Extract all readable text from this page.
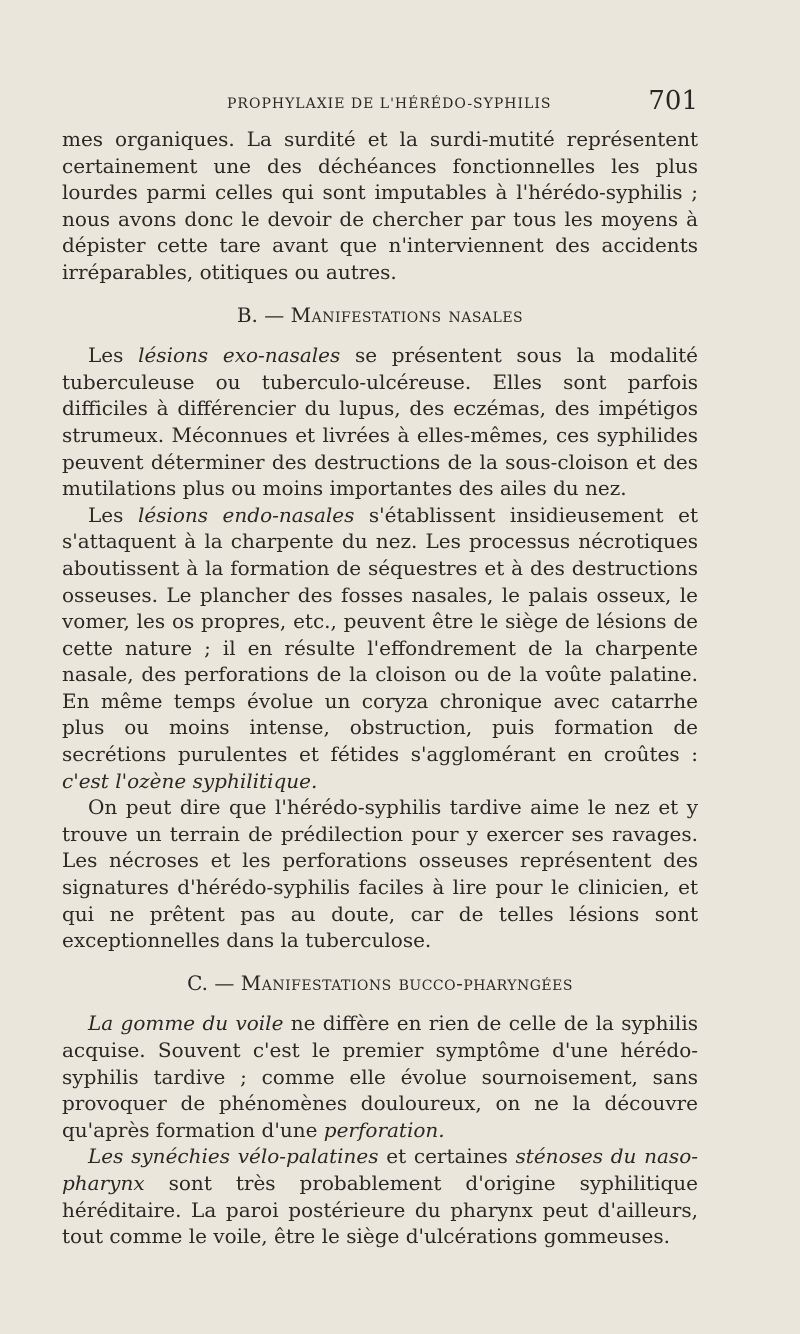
PROPHYLAXIE DE L'HÉRÉDO-SYPHILIS	701

mes organiques. La surdité et la surdi-mutité représentent certainement une des déchéances fonctionnelles les plus lourdes parmi celles qui sont imputables à l'hérédo-syphilis ; nous avons donc le devoir de chercher par tous les moyens à dépister cette tare avant que n'interviennent des accidents irréparables, otitiques ou autres.

B. — Manifestations nasales

Les lésions exo-nasales se présentent sous la modalité tuberculeuse ou tuberculo-ulcéreuse. Elles sont parfois difficiles à différencier du lupus, des eczémas, des impétigos strumeux. Méconnues et livrées à elles-mêmes, ces syphilides peuvent déterminer des destructions de la sous-cloison et des mutilations plus ou moins importantes des ailes du nez.

Les lésions endo-nasales s'établissent insidieusement et s'attaquent à la charpente du nez. Les processus nécrotiques aboutissent à la formation de séquestres et à des destructions osseuses. Le plancher des fosses nasales, le palais osseux, le vomer, les os propres, etc., peuvent être le siège de lésions de cette nature ; il en résulte l'effondrement de la charpente nasale, des perforations de la cloison ou de la voûte palatine. En même temps évolue un coryza chronique avec catarrhe plus ou moins intense, obstruction, puis formation de secrétions purulentes et fétides s'agglomérant en croûtes : c'est l'ozène syphilitique.

On peut dire que l'hérédo-syphilis tardive aime le nez et y trouve un terrain de prédilection pour y exercer ses ravages. Les nécroses et les perforations osseuses représentent des signatures d'hérédo-syphilis faciles à lire pour le clinicien, et qui ne prêtent pas au doute, car de telles lésions sont exceptionnelles dans la tuberculose.

C. — Manifestations bucco-pharyngées

La gomme du voile ne diffère en rien de celle de la syphilis acquise. Souvent c'est le premier symptôme d'une hérédo-syphilis tardive ; comme elle évolue sournoisement, sans provoquer de phénomènes douloureux, on ne la découvre qu'après formation d'une perforation.

Les synéchies vélo-palatines et certaines sténoses du naso-pharynx sont très probablement d'origine syphilitique héréditaire. La paroi postérieure du pharynx peut d'ailleurs, tout comme le voile, être le siège d'ulcérations gommeuses.
